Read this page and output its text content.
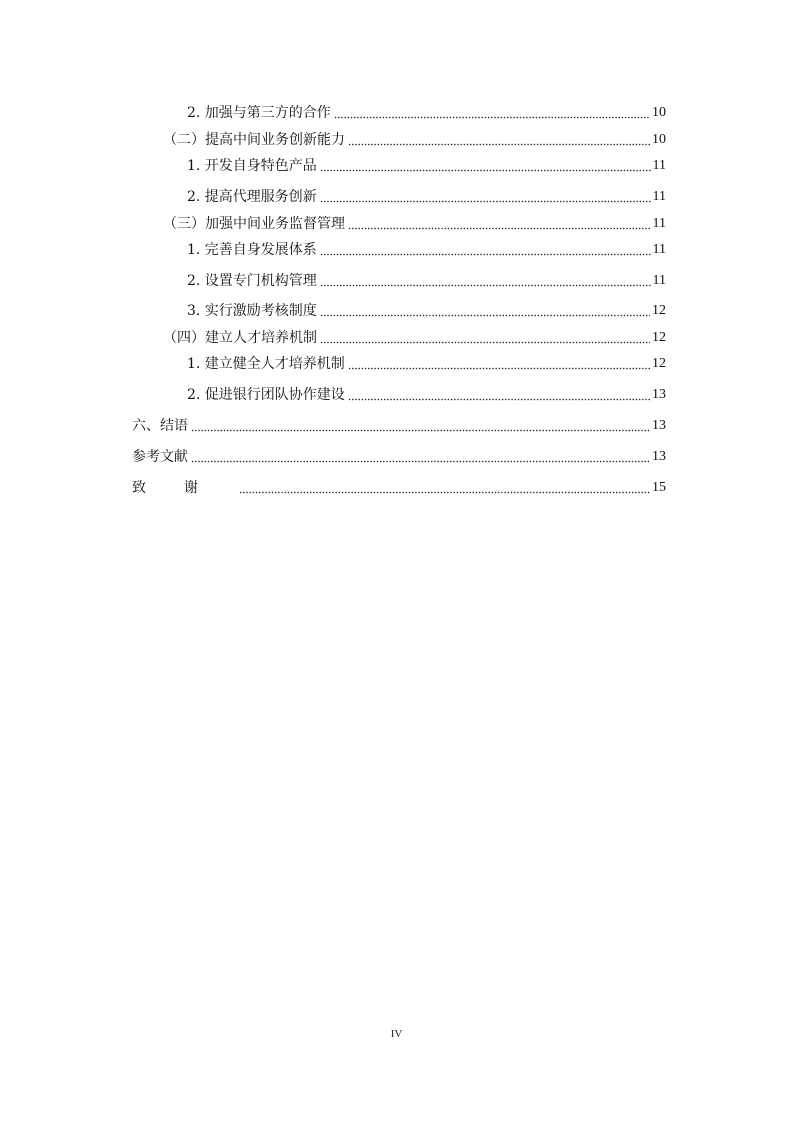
2. 加强与第三方的合作	10
（二）提高中间业务创新能力	10
1. 开发自身特色产品	11
2. 提高代理服务创新	11
（三）加强中间业务监督管理	11
1. 完善自身发展体系	11
2. 设置专门机构管理	11
3. 实行激励考核制度	12
（四）建立人才培养机制	12
1. 建立健全人才培养机制	12
2. 促进银行团队协作建设	13
六、结语	13
参考文献	13
致谢	15
IV
